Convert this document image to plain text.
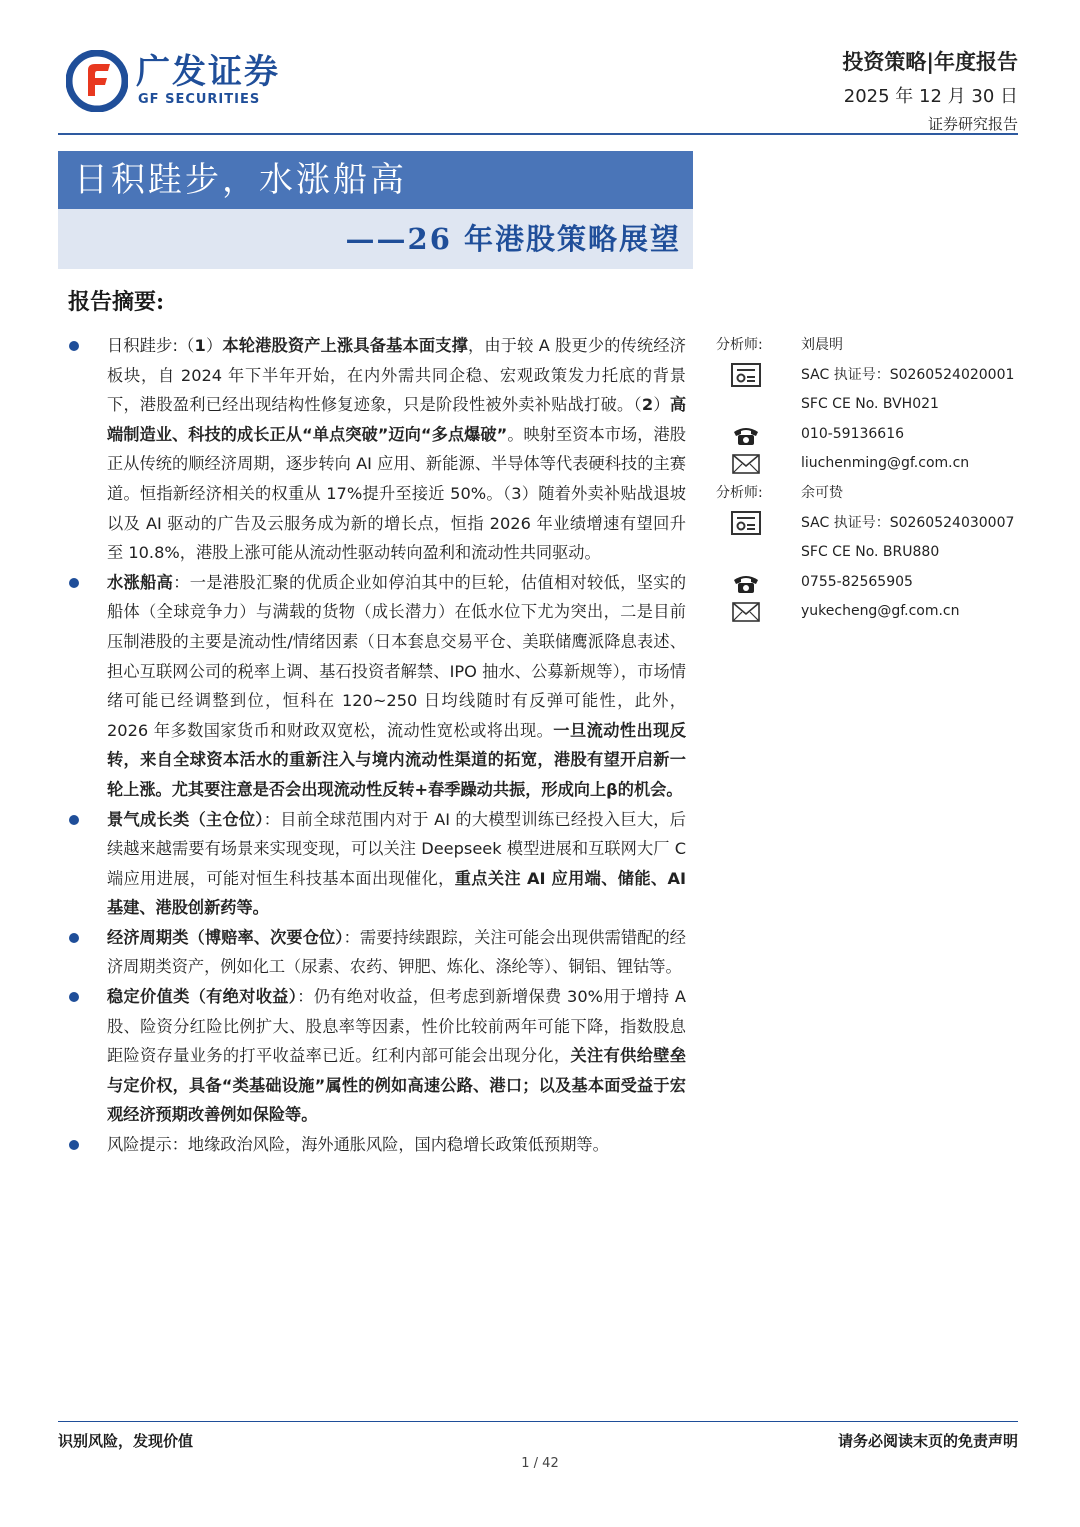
广发证券
GF SECURITIES
投资策略|年度报告
2025 年 12 月 30 日
证券研究报告
日积跬步，水涨船高
——26 年港股策略展望
报告摘要:
日积跬步:（1）本轮港股资产上涨具备基本面支撑，由于较 A 股更少的传统经济板块，自 2024 年下半年开始，在内外需共同企稳、宏观政策发力托底的背景下，港股盈利已经出现结构性修复迹象，只是阶段性被外卖补贴战打破。（2）高端制造业、科技的成长正从“单点突破”迈向“多点爆破”。映射至资本市场，港股正从传统的顺经济周期，逐步转向 AI 应用、新能源、半导体等代表硬科技的主赛道。恒指新经济相关的权重从 17%提升至接近 50%。（3）随着外卖补贴战退坡以及 AI 驱动的广告及云服务成为新的增长点，恒指 2026 年业绩增速有望回升至 10.8%，港股上涨可能从流动性驱动转向盈利和流动性共同驱动。
水涨船高：一是港股汇聚的优质企业如停泊其中的巨轮，估值相对较低，坚实的船体（全球竞争力）与满载的货物（成长潜力）在低水位下尤为突出，二是目前压制港股的主要是流动性/情绪因素（日本套息交易平仓、美联储鹰派降息表述、担心互联网公司的税率上调、基石投资者解禁、IPO 抽水、公募新规等），市场情绪可能已经调整到位，恒科在 120~250 日均线随时有反弹可能性，此外，2026 年多数国家货币和财政双宽松，流动性宽松或将出现。一旦流动性出现反转，来自全球资本活水的重新注入与境内流动性渠道的拓宽，港股有望开启新一轮上涨。尤其要注意是否会出现流动性反转+春季躁动共振，形成向上β的机会。
景气成长类（主仓位）：目前全球范围内对于 AI 的大模型训练已经投入巨大，后续越来越需要有场景来实现变现，可以关注 Deepseek 模型进展和互联网大厂 C 端应用进展，可能对恒生科技基本面出现催化，重点关注 AI 应用端、储能、AI 基建、港股创新药等。
经济周期类（博赔率、次要仓位）：需要持续跟踪，关注可能会出现供需错配的经济周期类资产，例如化工（尿素、农药、钾肥、炼化、涤纶等）、铜铝、锂钴等。
稳定价值类（有绝对收益）：仍有绝对收益，但考虑到新增保费 30%用于增持 A 股、险资分红险比例扩大、股息率等因素，性价比较前两年可能下降，指数股息距险资存量业务的打平收益率已近。红利内部可能会出现分化，关注有供给壁垒与定价权，具备“类基础设施”属性的例如高速公路、港口；以及基本面受益于宏观经济预期改善例如保险等。
风险提示：地缘政治风险，海外通胀风险，国内稳增长政策低预期等。
分析师:	刘晨明
SAC 执证号：S0260524020001
SFC CE No. BVH021
010-59136616
liuchenming@gf.com.cn
分析师:	余可贽
SAC 执证号：S0260524030007
SFC CE No. BRU880
0755-82565905
yukecheng@gf.com.cn
识别风险，发现价值	请务必阅读末页的免责声明
1 / 42
